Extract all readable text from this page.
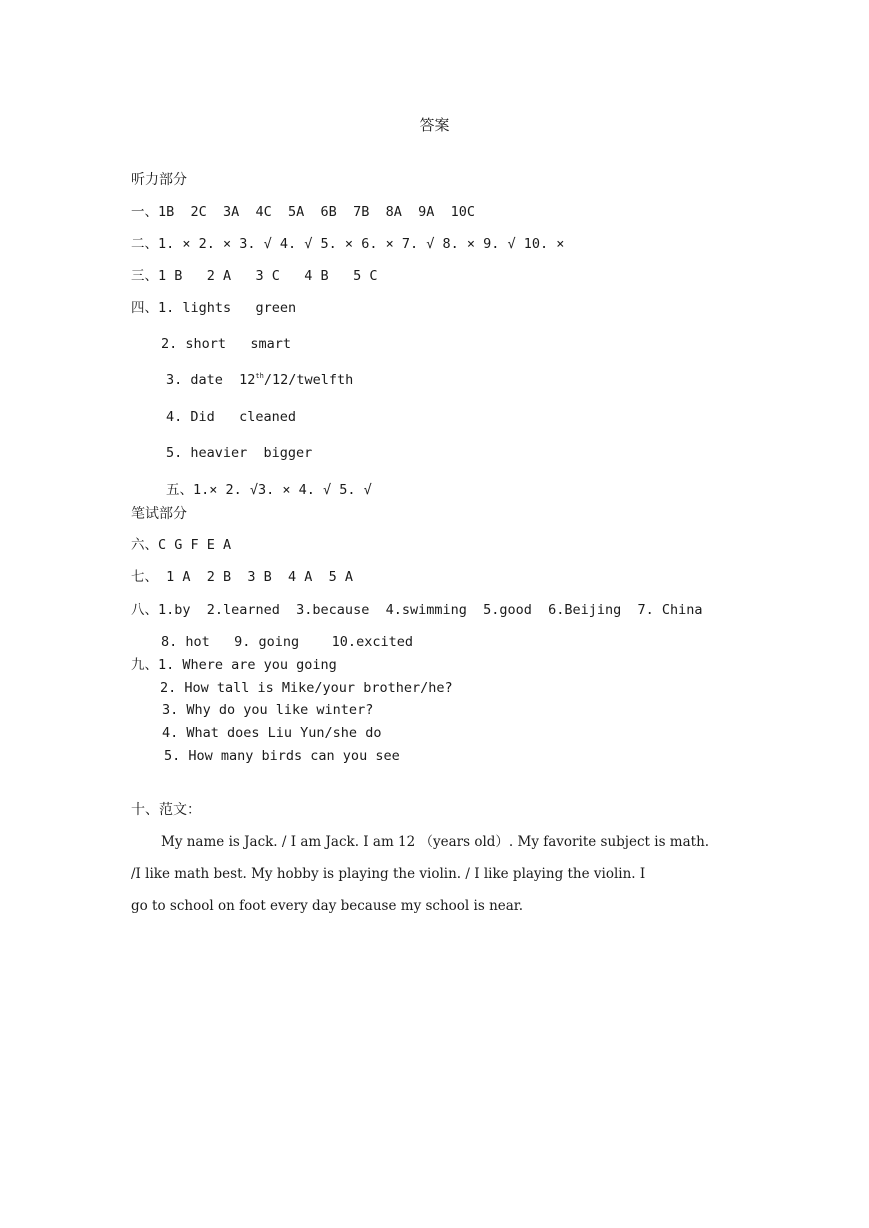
答案
听力部分
一、1B  2C  3A  4C  5A  6B  7B  8A  9A  10C
二、1. × 2. × 3. √ 4. √ 5. × 6. × 7. √ 8. × 9. √ 10. ×
三、1 B   2 A   3 C   4 B   5 C
四、1. lights   green
2. short   smart
3. date  12th/12/twelfth
4. Did   cleaned
5. heavier  bigger
五、1.× 2. √3. × 4. √ 5. √
笔试部分
六、C G F E A
七、 1 A  2 B  3 B  4 A  5 A
八、1.by  2.learned  3.because  4.swimming  5.good  6.Beijing  7. China
8. hot   9. going    10.excited
九、1. Where are you going
2. How tall is Mike/your brother/he?
3. Why do you like winter?
4. What does Liu Yun/she do
5. How many birds can you see
十、范文：
My name is Jack. / I am Jack. I am 12 （years old）. My favorite subject is math.
/I like math best. My hobby is playing the violin. / I like playing the violin. I
go to school on foot every day because my school is near.
